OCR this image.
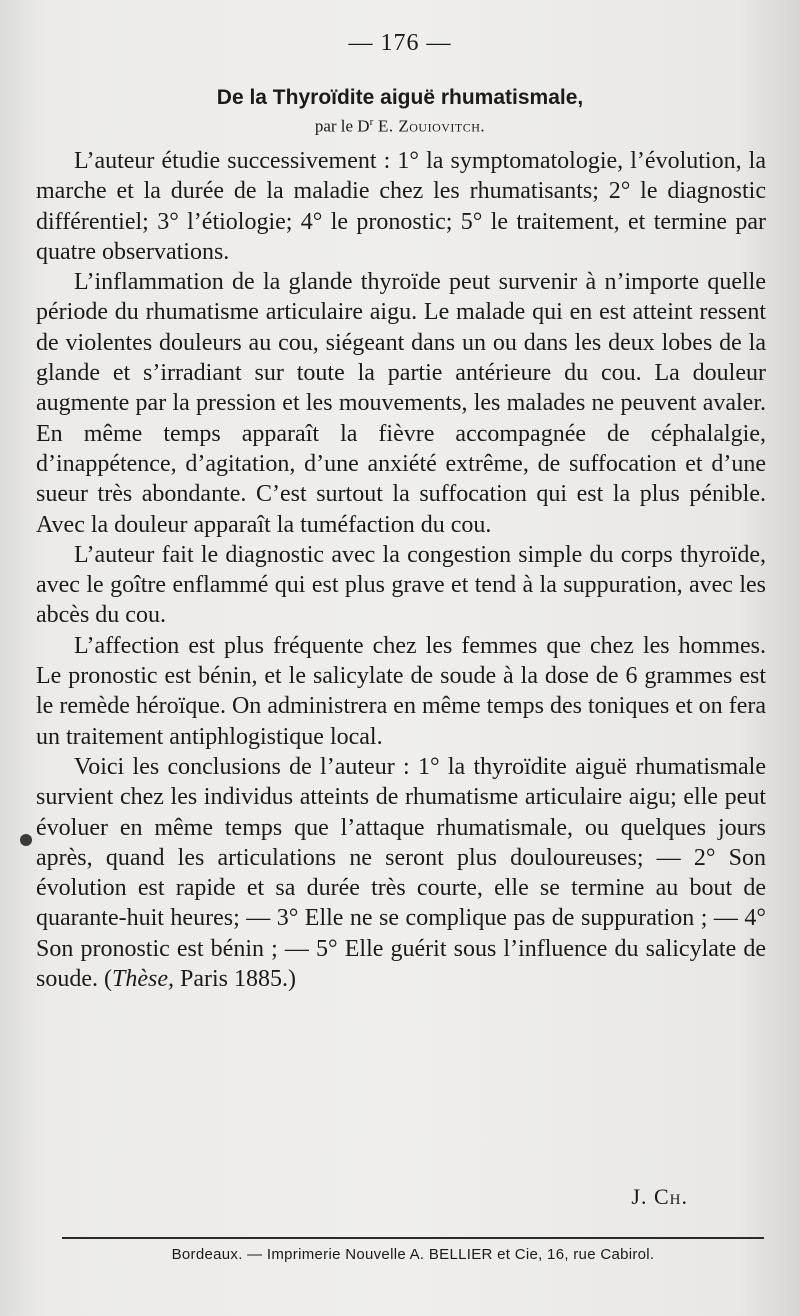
— 176 —
De la Thyroïdite aiguë rhumatismale,
par le $D^r$ E. Zouiovitch.

L’auteur étudie successivement : 1° la symptomatologie, l’évolution, la marche et la durée de la maladie chez les rhumatisants; 2° le diagnostic différentiel; 3° l’étiologie; 4° le pronostic; 5° le traitement, et termine par quatre observations.

L’inflammation de la glande thyroïde peut survenir à n’importe quelle période du rhumatisme articulaire aigu. Le malade qui en est atteint ressent de violentes douleurs au cou, siégeant dans un ou dans les deux lobes de la glande et s’irradiant sur toute la partie antérieure du cou. La douleur augmente par la pression et les mouvements, les malades ne peuvent avaler. En même temps apparaît la fièvre accompagnée de céphalalgie, d’inappétence, d’agitation, d’une anxiété extrême, de suffocation et d’une sueur très abondante. C’est surtout la suffocation qui est la plus pénible. Avec la douleur apparaît la tuméfaction du cou.

L’auteur fait le diagnostic avec la congestion simple du corps thyroïde, avec le goître enflammé qui est plus grave et tend à la suppuration, avec les abcès du cou.

L’affection est plus fréquente chez les femmes que chez les hommes. Le pronostic est bénin, et le salicylate de soude à la dose de 6 grammes est le remède héroïque. On administrera en même temps des toniques et on fera un traitement antiphlogistique local.

Voici les conclusions de l’auteur : 1° la thyroïdite aiguë rhumatismale survient chez les individus atteints de rhumatisme articulaire aigu; elle peut évoluer en même temps que l’attaque rhumatismale, ou quelques jours après, quand les articulations ne seront plus douloureuses; — 2° Son évolution est rapide et sa durée très courte, elle se termine au bout de quarante-huit heures; — 3° Elle ne se complique pas de suppuration ; — 4° Son pronostic est bénin ; — 5° Elle guérit sous l’influence du salicylate de soude. (Thèse, Paris 1885.)

J. Ch.
Bordeaux. — Imprimerie Nouvelle A. BELLIER et Cie, 16, rue Cabirol.
